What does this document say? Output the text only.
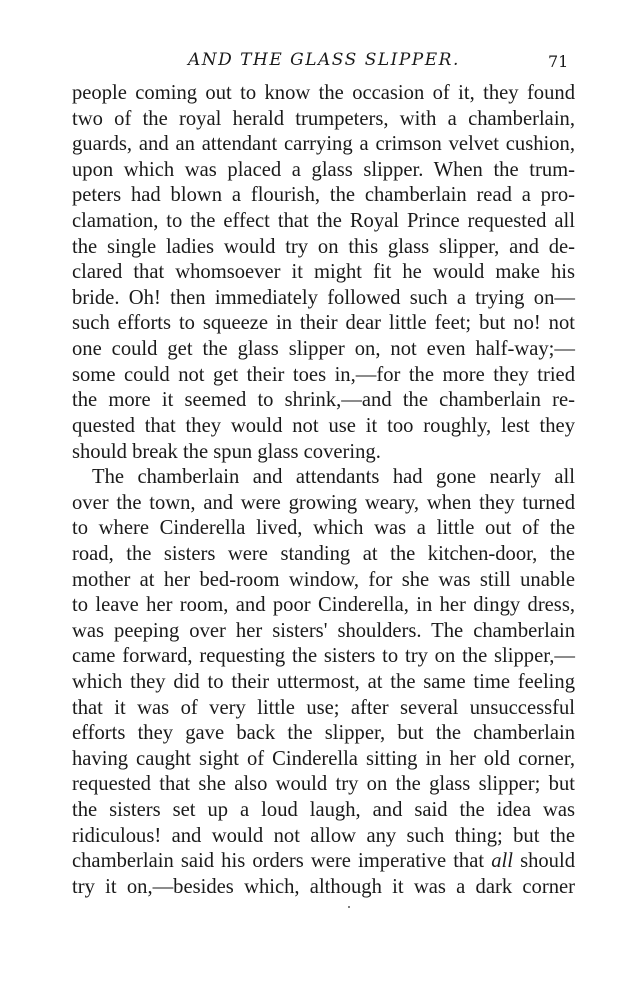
AND THE GLASS SLIPPER.	71
people coming out to know the occasion of it, they found
two of the royal herald trumpeters, with a chamberlain,
guards, and an attendant carrying a crimson velvet cushion,
upon which was placed a glass slipper. When the trum-
peters had blown a flourish, the chamberlain read a pro-
clamation, to the effect that the Royal Prince requested all
the single ladies would try on this glass slipper, and de-
clared that whomsoever it might fit he would make his
bride. Oh! then immediately followed such a trying on—
such efforts to squeeze in their dear little feet; but no! not
one could get the glass slipper on, not even half-way;—
some could not get their toes in,—for the more they tried
the more it seemed to shrink,—and the chamberlain re-
quested that they would not use it too roughly, lest they
should break the spun glass covering.
The chamberlain and attendants had gone nearly all
over the town, and were growing weary, when they turned
to where Cinderella lived, which was a little out of the
road, the sisters were standing at the kitchen-door, the
mother at her bed-room window, for she was still unable
to leave her room, and poor Cinderella, in her dingy dress,
was peeping over her sisters' shoulders. The chamberlain
came forward, requesting the sisters to try on the slipper,—
which they did to their uttermost, at the same time feeling
that it was of very little use; after several unsuccessful
efforts they gave back the slipper, but the chamberlain
having caught sight of Cinderella sitting in her old corner,
requested that she also would try on the glass slipper; but
the sisters set up a loud laugh, and said the idea was
ridiculous! and would not allow any such thing; but the
chamberlain said his orders were imperative that all should
try it on,—besides which, although it was a dark corner
